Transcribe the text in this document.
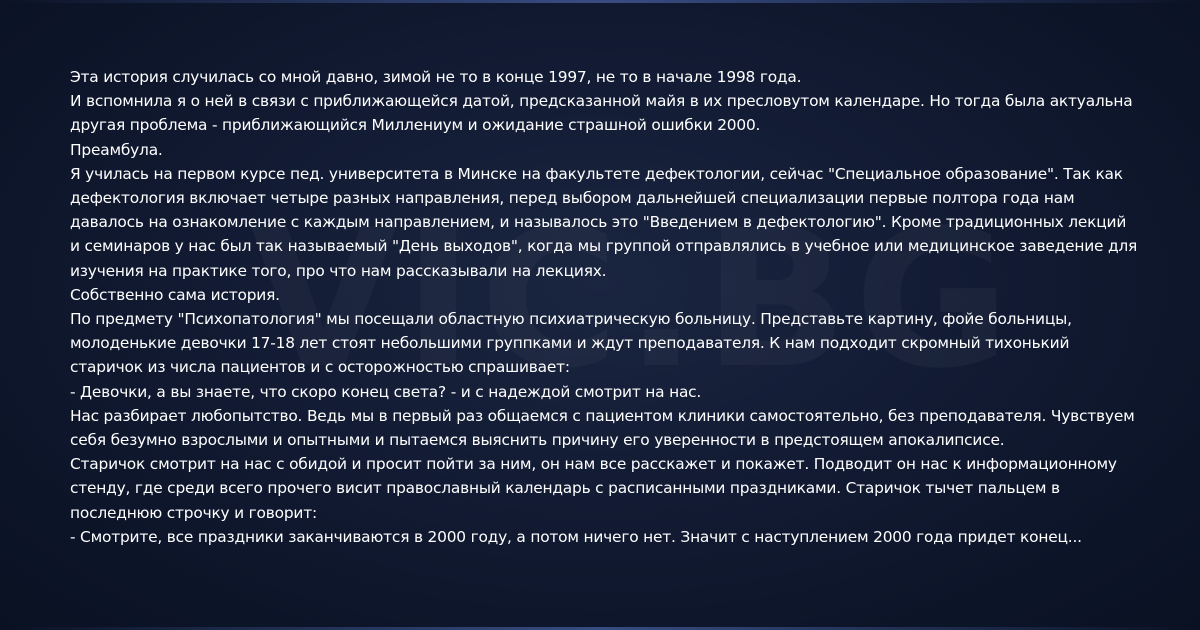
Эта история случилась со мной давно, зимой не то в конце 1997, не то в начале 1998 года.

И вспомнила я о ней в связи с приближающейся датой, предсказанной майя в их пресловутом календаре. Но тогда была актуальна другая проблема - приближающийся Миллениум и ожидание страшной ошибки 2000.

Преамбула.

Я училась на первом курсе пед. университета в Минске на факультете дефектологии, сейчас "Специальное образование". Так как дефектология включает четыре разных направления, перед выбором дальнейшей специализации первые полтора года нам давалось на ознакомление с каждым направлением, и называлось это "Введением в дефектологию". Кроме традиционных лекций и семинаров у нас был так называемый "День выходов", когда мы группой отправлялись в учебное или медицинское заведение для изучения на практике того, про что нам рассказывали на лекциях.

Собственно сама история.

По предмету "Психопатология" мы посещали областную психиатрическую больницу. Представьте картину, фойе больницы, молоденькие девочки 17-18 лет стоят небольшими группками и ждут преподавателя. К нам подходит скромный тихонький старичок из числа пациентов и с осторожностью спрашивает:

- Девочки, а вы знаете, что скоро конец света? - и с надеждой смотрит на нас.

Нас разбирает любопытство. Ведь мы в первый раз общаемся с пациентом клиники самостоятельно, без преподавателя. Чувствуем себя безумно взрослыми и опытными и пытаемся выяснить причину его уверенности в предстоящем апокалипсисе.

Старичок смотрит на нас с обидой и просит пойти за ним, он нам все расскажет и покажет. Подводит он нас к информационному стенду, где среди всего прочего висит православный календарь с расписанными праздниками. Старичок тычет пальцем в последнюю строчку и говорит:

- Смотрите, все праздники заканчиваются в 2000 году, а потом ничего нет. Значит с наступлением 2000 года придет конец...
